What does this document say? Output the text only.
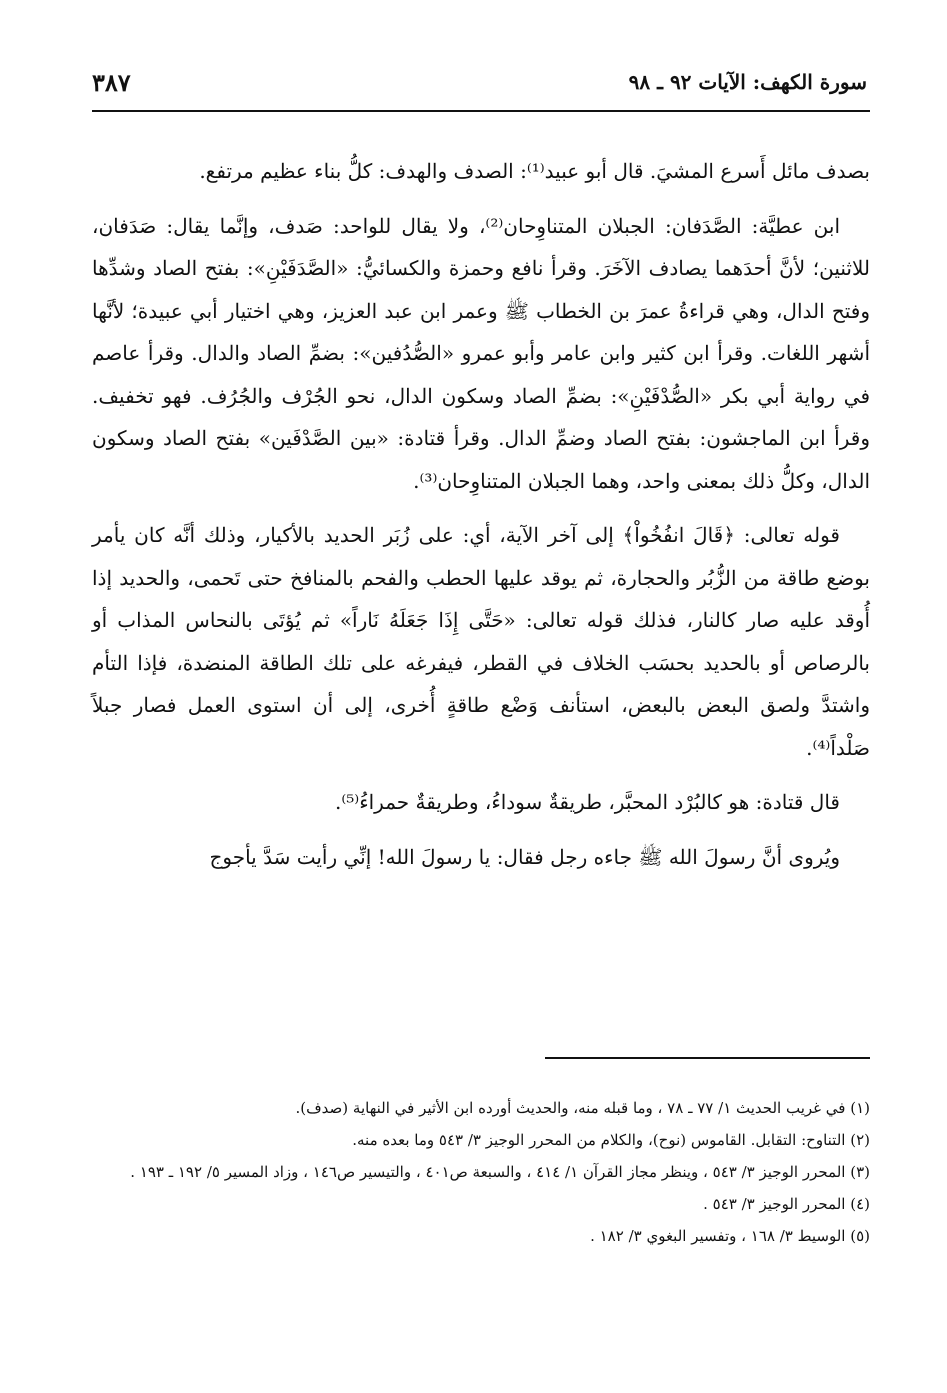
سورة الكهف: الآيات ٩٢ ـ ٩٨
٣٨٧

بصدف مائل أَسرع المشيَ. قال أبو عبيد⁽¹⁾: الصدف والهدف: كلُّ بناء عظيم مرتفع.

ابن عطيَّة: الصَّدَفان: الجبلان المتناوِحان⁽²⁾، ولا يقال للواحد: صَدف، وإنَّما يقال: صَدَفان، للاثنين؛ لأنَّ أحدَهما يصادف الآخَرَ. وقرأ نافع وحمزة والكسائيُّ: «الصَّدَفَيْنِ»: بفتح الصاد وشدِّها وفتح الدال، وهي قراءةُ عمرَ بن الخطاب ﷺ وعمر ابن عبد العزيز، وهي اختيار أبي عبيدة؛ لأنَّها أشهر اللغات. وقرأ ابن كثير وابن عامر وأبو عمرو «الصُّدُفين»: بضمِّ الصاد والدال. وقرأ عاصم في رواية أبي بكر «الصُّدْفَيْنِ»: بضمِّ الصاد وسكون الدال، نحو الجُرْف والجُرُف. فهو تخفيف. وقرأ ابن الماجشون: بفتح الصاد وضمِّ الدال. وقرأ قتادة: «بين الصَّدْفَين» بفتح الصاد وسكون الدال، وكلُّ ذلك بمعنى واحد، وهما الجبلان المتناوِحان⁽³⁾.

قوله تعالى: ﴿قَالَ انفُخُواْ﴾ إلى آخر الآية، أي: على زُبَر الحديد بالأكيار، وذلك أنَّه كان يأمر بوضع طاقة من الزُّبُر والحجارة، ثم يوقد عليها الحطب والفحم بالمنافخ حتى تَحمى، والحديد إذا أُوقد عليه صار كالنار، فذلك قوله تعالى: «حَتَّى إِذَا جَعَلَهُ نَاراً» ثم يُؤتَى بالنحاس المذاب أو بالرصاص أو بالحديد بحسَب الخلاف في القطر، فيفرغه على تلك الطاقة المنضدة، فإذا التأم واشتدَّ ولصق البعض بالبعض، استأنف وَضْع طاقةٍ أُخرى، إلى أن استوى العمل فصار جبلاً صَلْداً⁽⁴⁾.

قال قتادة: هو كالبُرْد المحبَّر، طريقةٌ سوداءُ، وطريقةٌ حمراءُ⁽⁵⁾.

ويُروى أنَّ رسولَ الله ﷺ جاءه رجل فقال: يا رسولَ الله! إنِّي رأيت سَدَّ يأجوج

(١) في غريب الحديث ١/ ٧٧ ـ ٧٨ ، وما قبله منه، والحديث أورده ابن الأثير في النهاية (صدف).
(٢) التناوح: التقابل. القاموس (نوح)، والكلام من المحرر الوجيز ٣/ ٥٤٣ وما بعده منه.
(٣) المحرر الوجيز ٣/ ٥٤٣ ، وينظر مجاز القرآن ١/ ٤١٤ ، والسبعة ص٤٠١ ، والتيسير ص١٤٦ ، وزاد المسير ٥/ ١٩٢ ـ ١٩٣ .
(٤) المحرر الوجيز ٣/ ٥٤٣ .
(٥) الوسيط ٣/ ١٦٨ ، وتفسير البغوي ٣/ ١٨٢ .
